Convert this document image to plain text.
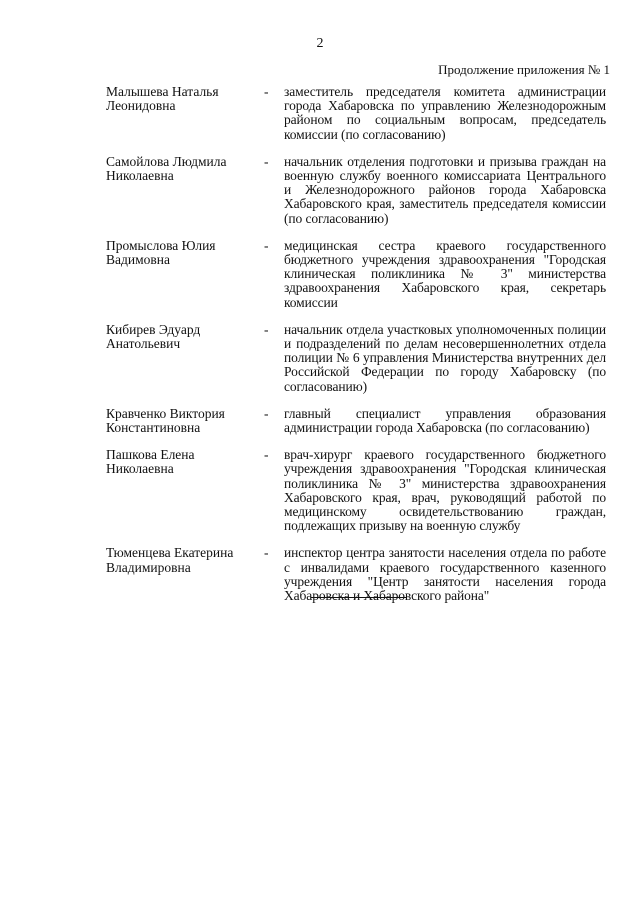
2
Продолжение приложения № 1
Малышева Наталья
Леонидовна
-	заместитель председателя комитета администрации города Хабаровска по управлению Железнодорожным районом по социальным вопросам, председатель комиссии (по согласованию)
Самойлова Людмила
Николаевна
-	начальник отделения подготовки и призыва граждан на военную службу военного комиссариата Центрального и Железнодорожного районов города Хабаровска Хабаровского края, заместитель председателя комиссии (по согласованию)
Промыслова Юлия
Вадимовна
-	медицинская сестра краевого государственного бюджетного учреждения здравоохранения "Городская клиническая поликлиника № 3" министерства здравоохранения Хабаровского края, секретарь комиссии
Кибирев Эдуард
Анатольевич
-	начальник отдела участковых уполномоченных полиции и подразделений по делам несовершеннолетних отдела полиции № 6 управления Министерства внутренних дел Российской Федерации по городу Хабаровску (по согласованию)
Кравченко Виктория
Константиновна
-	главный специалист управления образования администрации города Хабаровска (по согласованию)
Пашкова Елена
Николаевна
-	врач-хирург краевого государственного бюджетного учреждения здравоохранения "Городская клиническая поликлиника № 3" министерства здравоохранения Хабаровского края, врач, руководящий работой по медицинскому освидетельствованию граждан, подлежащих призыву на военную службу
Тюменцева Екатерина
Владимировна
-	инспектор центра занятости населения отдела по работе с инвалидами краевого государственного казенного учреждения "Центр занятости населения города Хабаровска и Хабаровского района"
